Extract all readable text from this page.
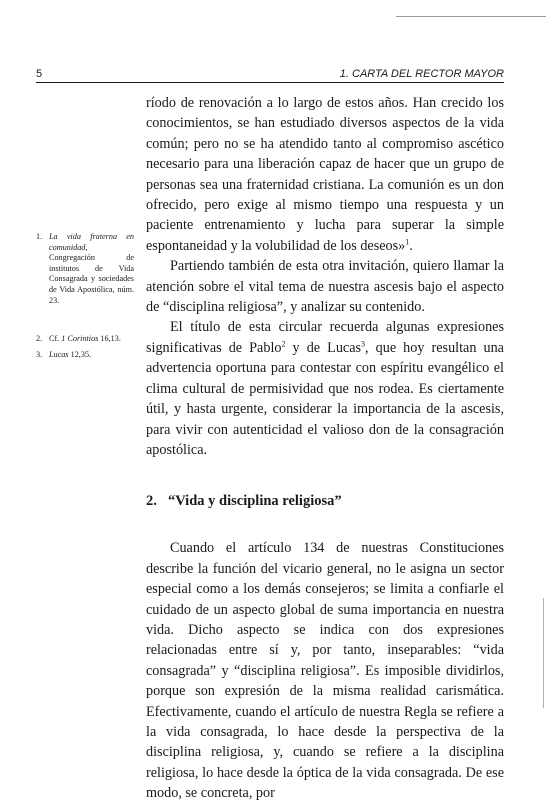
5	1. CARTA DEL RECTOR MAYOR
1. La vida fraterna en comunidad, Congregación de institutos de Vida Consagrada y sociedades de Vida Apostólica, núm. 23.
2. Cf. 1 Corintios 16,13.
3. Lucas 12,35.

ríodo de renovación a lo largo de estos años. Han crecido los conocimientos, se han estudiado diversos aspectos de la vida común; pero no se ha atendido tanto al compromiso ascético necesario para una liberación capaz de hacer que un grupo de personas sea una fraternidad cristiana. La comunión es un don ofrecido, pero exige al mismo tiempo una respuesta y un paciente entrenamiento y lucha para superar la simple espontaneidad y la volubilidad de los deseos»$^1$.

Partiendo también de esta otra invitación, quiero llamar la atención sobre el vital tema de nuestra ascesis bajo el aspecto de “disciplina religiosa”, y analizar su contenido.

El título de esta circular recuerda algunas expresiones significativas de Pablo$^2$ y de Lucas$^3$, que hoy resultan una advertencia oportuna para contestar con espíritu evangélico el clima cultural de permisividad que nos rodea. Es ciertamente útil, y hasta urgente, considerar la importancia de la ascesis, para vivir con autenticidad el valioso don de la consagración apostólica.

2. “Vida y disciplina religiosa”

Cuando el artículo 134 de nuestras Constituciones describe la función del vicario general, no le asigna un sector especial como a los demás consejeros; se limita a confiarle el cuidado de un aspecto global de suma importancia en nuestra vida. Dicho aspecto se indica con dos expresiones relacionadas entre sí y, por tanto, inseparables: “vida consagrada” y “disciplina religiosa”. Es imposible dividirlos, porque son expresión de la misma realidad carismática. Efectivamente, cuando el artículo de nuestra Regla se refiere a la vida consagrada, lo hace desde la perspectiva de la disciplina religiosa, y, cuando se refiere a la disciplina religiosa, lo hace desde la óptica de la vida consagrada. De ese modo, se concreta, por
